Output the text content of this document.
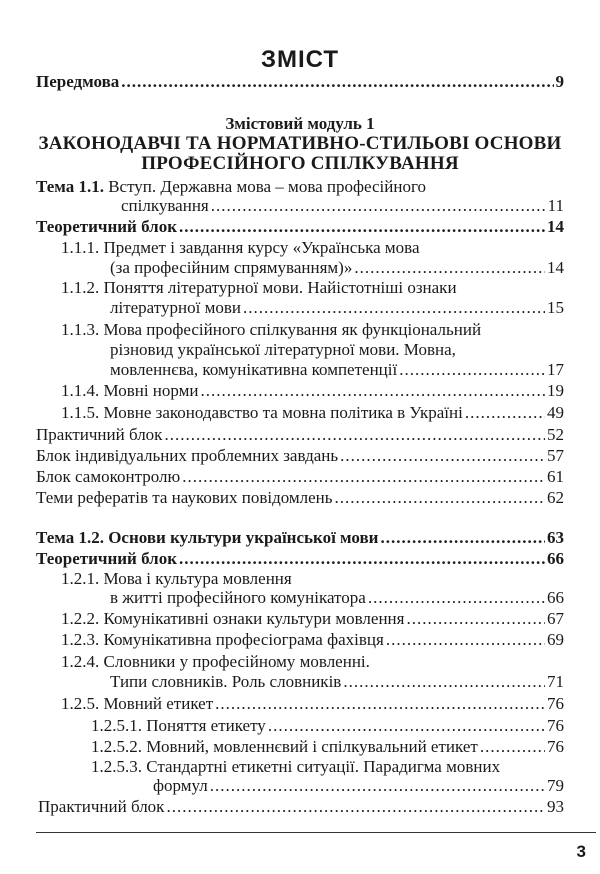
ЗМІСТ
Передмова .....	9
Змістовий модуль 1
ЗАКОНОДАВЧІ ТА НОРМАТИВНО-СТИЛЬОВІ ОСНОВИ
ПРОФЕСІЙНОГО СПІЛКУВАННЯ
Тема 1.1. Вступ. Державна мова – мова професійного
спілкування .....	11
Теоретичний блок .....	14
1.1.1. Предмет і завдання курсу «Українська мова
(за професійним спрямуванням)» .....	14
1.1.2. Поняття літературної мови. Найістотніші ознаки
літературної мови .....	15
1.1.3. Мова професійного спілкування як функціональний
різновид української літературної мови. Мовна,
мовленнєва, комунікативна компетенції .....	17
1.1.4. Мовні норми .....	19
1.1.5. Мовне законодавство та мовна політика в Україні .....	49
Практичний блок .....	52
Блок індивідуальних проблемних завдань .....	57
Блок самоконтролю .....	61
Теми рефератів та наукових повідомлень .....	62
Тема 1.2. Основи культури української мови .....	63
Теоретичний блок .....	66
1.2.1. Мова і культура мовлення
в житті професійного комунікатора .....	66
1.2.2. Комунікативні ознаки культури мовлення .....	67
1.2.3. Комунікативна професіограма фахівця .....	69
1.2.4. Словники у професійному мовленні.
Типи словників. Роль словників .....	71
1.2.5. Мовний етикет .....	76
1.2.5.1. Поняття етикету .....	76
1.2.5.2. Мовний, мовленнєвий і спілкувальний етикет .....	76
1.2.5.3. Стандартні етикетні ситуації. Парадигма мовних
формул .....	79
Практичний блок .....	93
3
